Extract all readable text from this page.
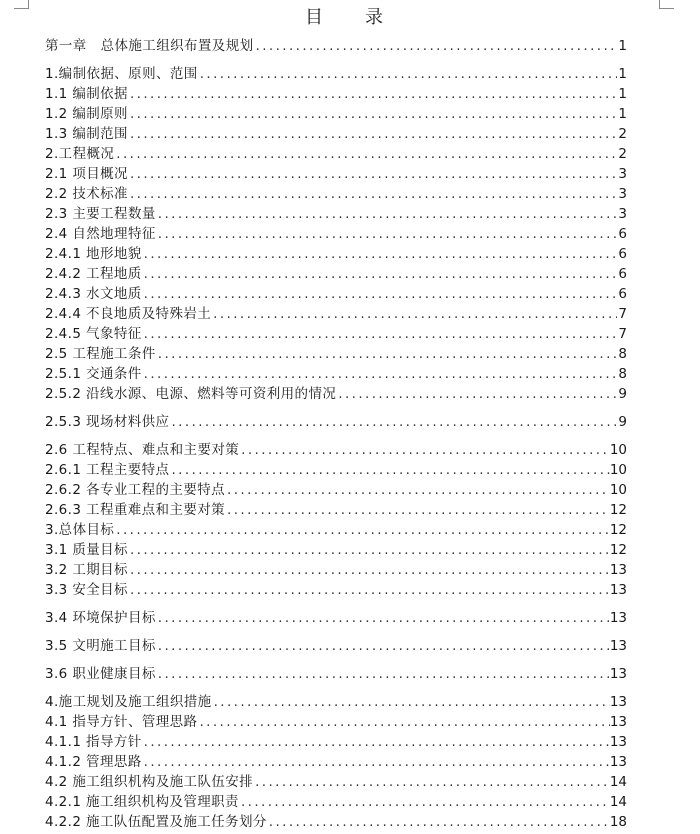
目　录
第一章　总体施工组织布置及规划 .....	1
1.编制依据、原则、范围 .....	1
1.1 编制依据 .....	1
1.2 编制原则 .....	1
1.3 编制范围 .....	2
2.工程概况 .....	2
2.1 项目概况 .....	3
2.2 技术标准 .....	3
2.3 主要工程数量 .....	3
2.4 自然地理特征 .....	6
2.4.1 地形地貌 .....	6
2.4.2 工程地质 .....	6
2.4.3 水文地质 .....	6
2.4.4 不良地质及特殊岩土 .....	7
2.4.5 气象特征 .....	7
2.5 工程施工条件 .....	8
2.5.1 交通条件 .....	8
2.5.2 沿线水源、电源、燃料等可资利用的情况 .....	9
2.5.3 现场材料供应 .....	9
2.6 工程特点、难点和主要对策 .....	10
2.6.1 工程主要特点 .....	10
2.6.2 各专业工程的主要特点 .....	10
2.6.3 工程重难点和主要对策 .....	12
3.总体目标 .....	12
3.1 质量目标 .....	12
3.2 工期目标 .....	13
3.3 安全目标 .....	13
3.4 环境保护目标 .....	13
3.5 文明施工目标 .....	13
3.6 职业健康目标 .....	13
4.施工规划及施工组织措施 .....	13
4.1 指导方针、管理思路 .....	13
4.1.1 指导方针 .....	13
4.1.2 管理思路 .....	13
4.2 施工组织机构及施工队伍安排 .....	14
4.2.1 施工组织机构及管理职责 .....	14
4.2.2 施工队伍配置及施工任务划分 .....	18
